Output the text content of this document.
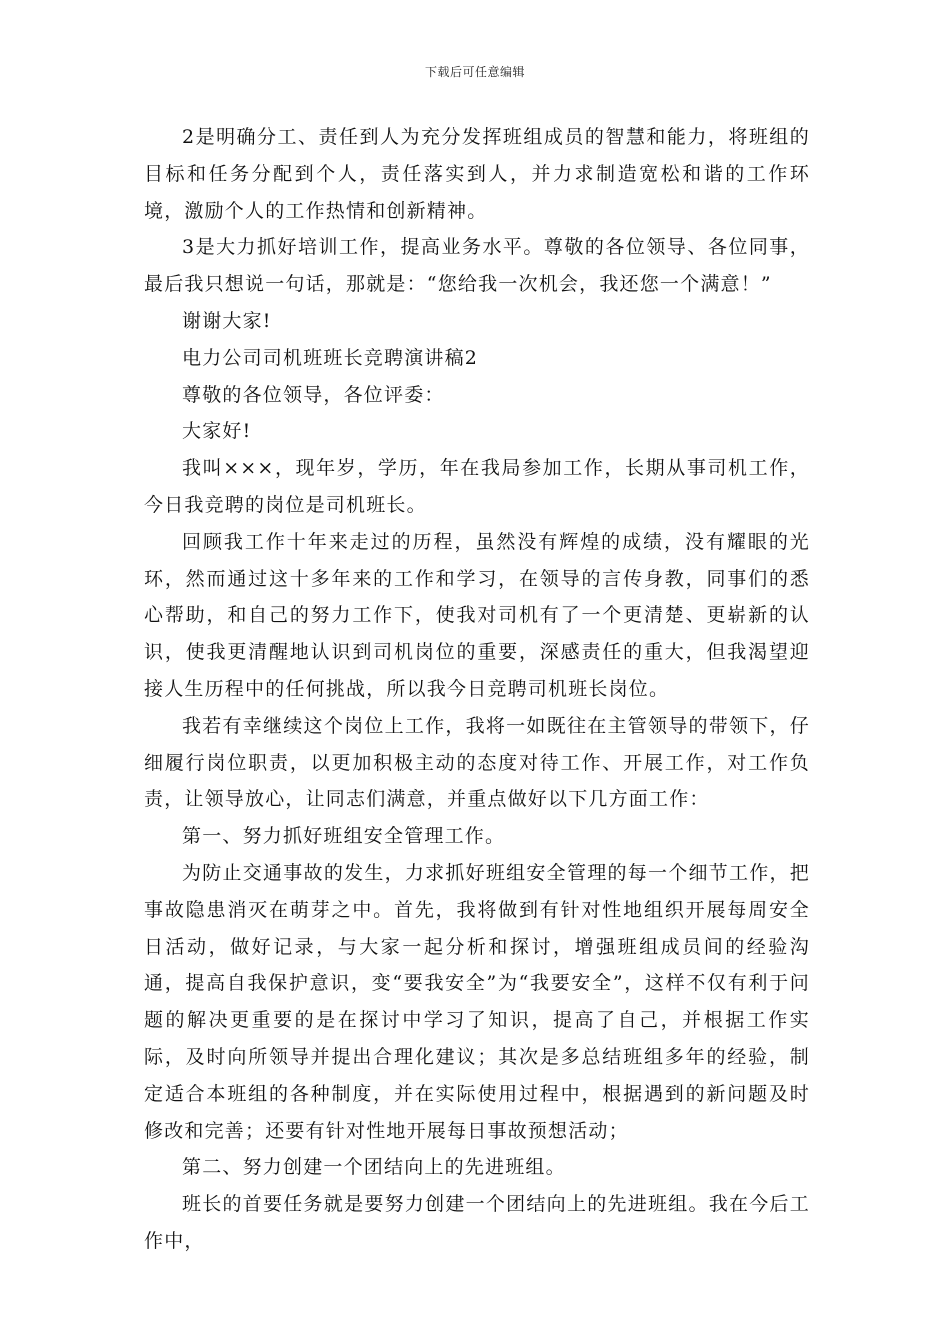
下载后可任意编辑

2是明确分工、责任到人为充分发挥班组成员的智慧和能力，将班组的目标和任务分配到个人，责任落实到人，并力求制造宽松和谐的工作环境，激励个人的工作热情和创新精神。

3是大力抓好培训工作，提高业务水平。尊敬的各位领导、各位同事，最后我只想说一句话，那就是：“您给我一次机会，我还您一个满意！”

谢谢大家!

电力公司司机班班长竞聘演讲稿2

尊敬的各位领导，各位评委：

大家好!

我叫×××，现年岁，学历，年在我局参加工作，长期从事司机工作，今日我竞聘的岗位是司机班长。

回顾我工作十年来走过的历程，虽然没有辉煌的成绩，没有耀眼的光环，然而通过这十多年来的工作和学习，在领导的言传身教，同事们的悉心帮助，和自己的努力工作下，使我对司机有了一个更清楚、更崭新的认识，使我更清醒地认识到司机岗位的重要，深感责任的重大，但我渴望迎接人生历程中的任何挑战，所以我今日竞聘司机班长岗位。

我若有幸继续这个岗位上工作，我将一如既往在主管领导的带领下，仔细履行岗位职责，以更加积极主动的态度对待工作、开展工作，对工作负责，让领导放心，让同志们满意，并重点做好以下几方面工作：

第一、努力抓好班组安全管理工作。

为防止交通事故的发生，力求抓好班组安全管理的每一个细节工作，把事故隐患消灭在萌芽之中。首先，我将做到有针对性地组织开展每周安全日活动，做好记录，与大家一起分析和探讨，增强班组成员间的经验沟通，提高自我保护意识，变“要我安全”为“我要安全”，这样不仅有利于问题的解决更重要的是在探讨中学习了知识，提高了自己，并根据工作实际，及时向所领导并提出合理化建议；其次是多总结班组多年的经验，制定适合本班组的各种制度，并在实际使用过程中，根据遇到的新问题及时修改和完善；还要有针对性地开展每日事故预想活动；

第二、努力创建一个团结向上的先进班组。

班长的首要任务就是要努力创建一个团结向上的先进班组。我在今后工作中，
